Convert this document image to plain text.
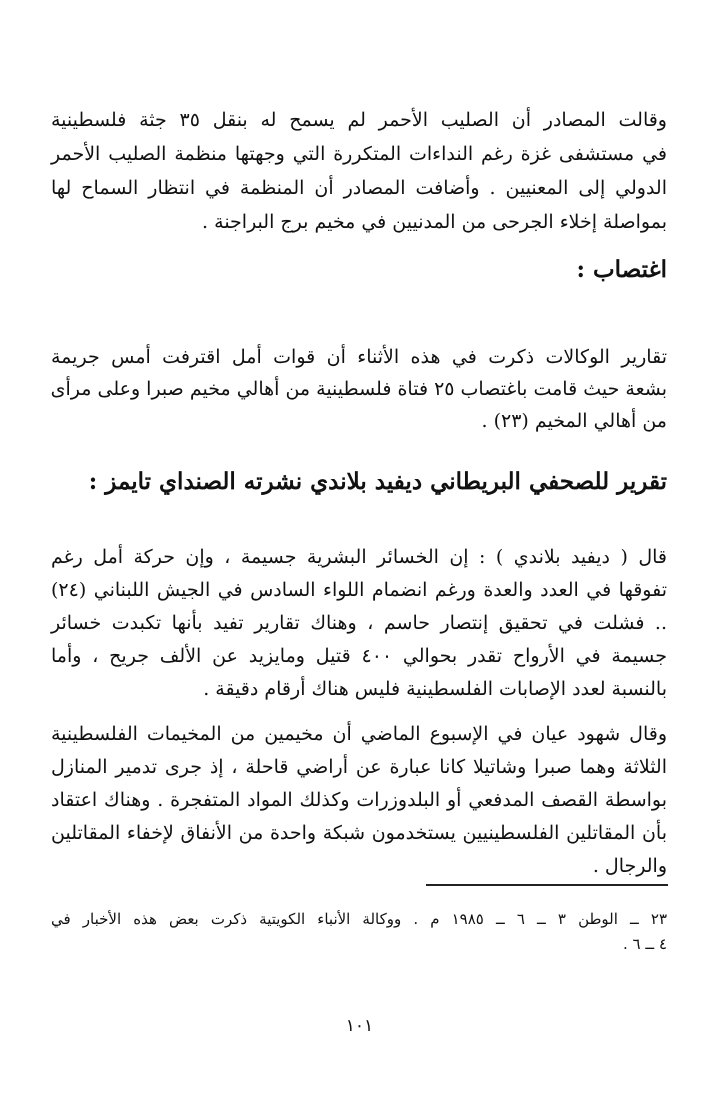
وقالت المصادر أن الصليب الأحمر لم يسمح له بنقل ٣٥ جثة فلسطينية
في مستشفى غزة رغم النداءات المتكررة التي وجهتها منظمة الصليب الأحمر
الدولي إلى المعنيين . وأضافت المصادر أن المنظمة في انتظار السماح لها
بمواصلة إخلاء الجرحى من المدنيين في مخيم برج البراجنة .
اغتصاب :
تقارير الوكالات ذكرت في هذه الأثناء أن قوات أمل اقترفت أمس جريمة
بشعة حيث قامت باغتصاب ٢٥ فتاة فلسطينية من أهالي مخيم صبرا وعلى مرأى
من أهالي المخيم (٢٣) .
تقرير للصحفي البريطاني ديفيد بلاندي نشرته الصنداي تايمز :
قال ( ديفيد بلاندي ) : إن الخسائر البشرية جسيمة ، وإن حركة أمل رغم
تفوقها في العدد والعدة ورغم انضمام اللواء السادس في الجيش اللبناني (٢٤)
.. فشلت في تحقيق إنتصار حاسم ، وهناك تقارير تفيد بأنها تكبدت خسائر
جسيمة في الأرواح تقدر بحوالي ٤٠٠ قتيل ومايزيد عن الألف جريح ، وأما
بالنسبة لعدد الإصابات الفلسطينية فليس هناك أرقام دقيقة .
وقال شهود عيان في الإسبوع الماضي أن مخيمين من المخيمات الفلسطينية
الثلاثة وهما صبرا وشاتيلا كانا عبارة عن أراضي قاحلة ، إذ جرى تدمير المنازل
بواسطة القصف المدفعي أو البلدوزرات وكذلك المواد المتفجرة . وهناك اعتقاد
بأن المقاتلين الفلسطينيين يستخدمون شبكة واحدة من الأنفاق لإخفاء المقاتلين
والرجال .
٢٣ ــ الوطن ٣ ــ ٦ ــ ١٩٨٥ م . ووكالة الأنباء الكويتية ذكرت بعض هذه الأخبار في
٤ ــ ٦ .
١٠١
